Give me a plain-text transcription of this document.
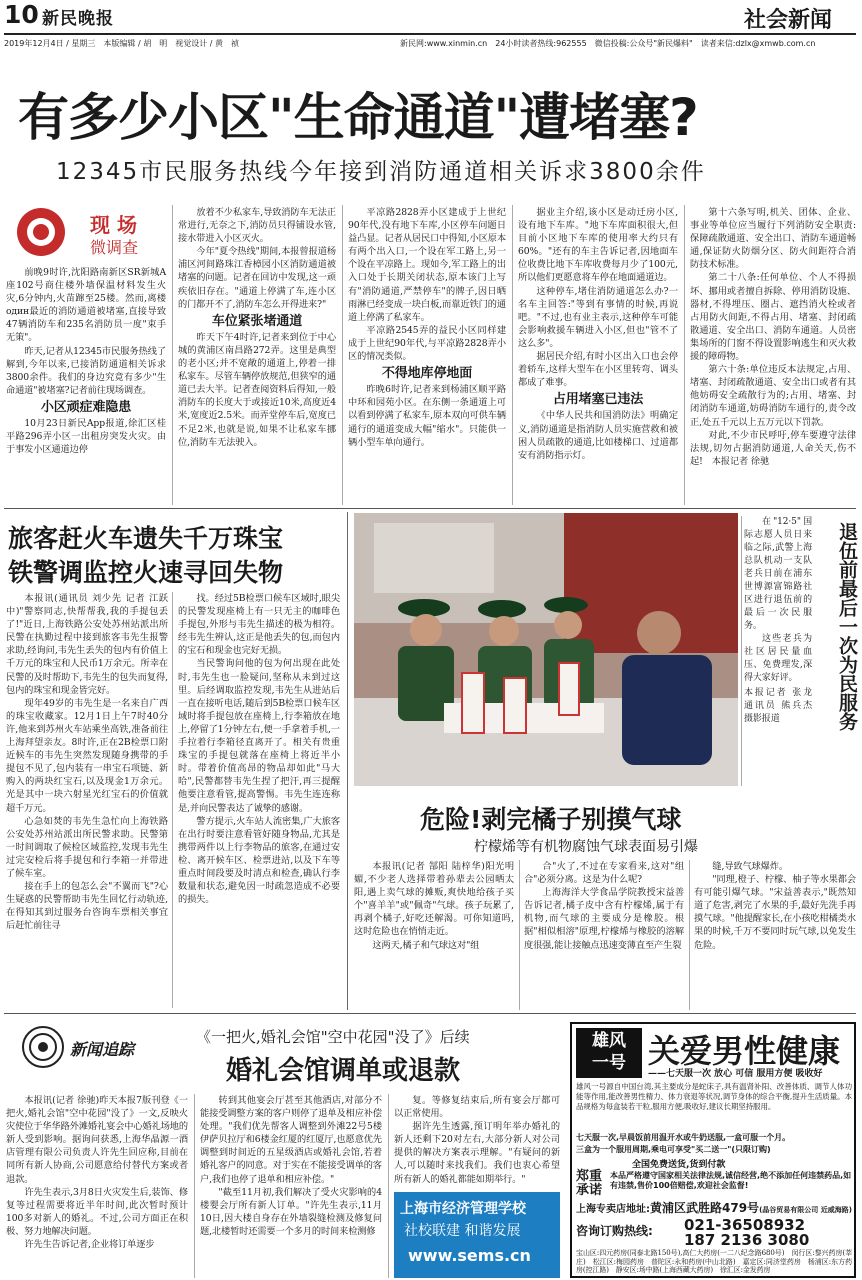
10 新民晚报	社会新闻
2019年12月4日 / 星期三　本版编辑 / 胡　明　视觉设计 / 黄　祯	新民网:www.xinmin.cn　24小时读者热线:962555　微信投稿:公众号"新民爆料"　读者来信:dzlx@xmwb.com.cn
有多少小区"生命通道"遭堵塞?
12345市民服务热线今年接到消防通道相关诉求3800余件
现 场
微调查

前晚9时许,沈阳路南新区SR新城A座102号商住楼外墙保温材料发生火灾,6分钟内,火苗蹿至25楼。然而,离楼один最近的消防通道被堵塞,直接导致47辆消防车和235名消防员一度"束手无策"。

昨天,记者从12345市民服务热线了解到,今年以来,已接消防通道相关诉求3800余件。我们的身边究竟有多少"生命通道"被堵塞?记者前往现场调查。

小区顽症难隐患

10月23日新民App报道,徐汇区桂平路296弄小区一出租房突发火灾。由于事发小区通道边停

放着不少私家车,导致消防车无法正常进行,无奈之下,消防员只得铺设水管,接水带进入小区灭火。

今年"夏令热线"期间,本报曾报道杨浦区河间路珠江香樟园小区消防通道被堵塞的问题。记者在回访中发现,这一顽疾依旧存在。"通道上停满了车,连小区的门都开不了,消防车怎么开得进来?"

车位紧张堵通道

昨天下午4时许,记者来到位于中心城的黄浦区南昌路272弄。这里是典型的老小区;并不宽敞的通道上,停着一排私家车。尽管车辆停放规范,但狭窄的通道已去大半。记者查阅资料后得知,一般消防车的长度大于或接近10米,高度近4米,宽度近2.5米。而弄堂停车后,宽度已不足2米,也就是说,如果不让私家车挪位,消防车无法驶入。

平凉路2828弄小区建成于上世纪90年代,没有地下车库,小区停车问题日益凸显。记者从居民口中得知,小区原本有两个出入口,一个设在军工路上,另一个设在平凉路上。现如今,军工路上的出入口处于长期关闭状态,原本该门上写有"消防通道,严禁停车"的牌子,因日晒雨淋已经变成一块白板,而靠近铁门的通道上停满了私家车。

平凉路2545弄的益民小区同样建成于上世纪90年代,与平凉路2828弄小区的情况类似。

不得地库停地面

昨晚6时许,记者来到杨浦区顺平路中环和园苑小区。在东侧一条通道上可以看到停满了私家车,原本双向可供车辆通行的通道变成大幅"缩水"。只能供一辆小型车单向通行。

据业主介绍,该小区是动迁房小区,设有地下车库。"地下车库面积很大,但目前小区地下车库的使用率大约只有60%。"还有的车主告诉记者,因地面车位收费比地下车库收费每月少了100元,所以他们更愿意将车停在地面通道边。

这种停车,堵住消防通道怎么办?一名车主回答:"等到有事情的时候,再说吧。"不过,也有业主表示,这种停车可能会影响救援车辆进入小区,但也"管不了这么多"。

据居民介绍,有时小区出入口也会停着轿车,这样大型车在小区里转弯、调头都成了难事。

占用堵塞已违法

《中华人民共和国消防法》明确定义,消防通道是指消防人员实施营救和被困人员疏散的通道,比如楼梯口、过道都安有消防指示灯。

第十六条写明,机关、团体、企业、事业等单位应当履行下列消防安全职责:保障疏散通道、安全出口、消防车通道畅通,保证防火防烟分区、防火间距符合消防技术标准。

第二十八条:任何单位、个人不得损坏、挪用或者擅自拆除、停用消防设施、器材,不得埋压、圈占、遮挡消火栓或者占用防火间距,不得占用、堵塞、封闭疏散通道、安全出口、消防车通道。人员密集场所的门窗不得设置影响逃生和灭火救援的障碍物。

第六十条:单位违反本法规定,占用、堵塞、封闭疏散通道、安全出口或者有其他妨碍安全疏散行为的;占用、堵塞、封闭消防车通道,妨碍消防车通行的,责令改正,处五千元以上五万元以下罚款。

对此,不少市民呼吁,停车要遵守法律法规,切勿占据消防通道,人命关天,伤不起!　本报记者 徐驰

旅客赶火车遗失千万珠宝
铁警调监控火速寻回失物

本报讯(通讯员 刘少先 记者 江跃中)"警察同志,快帮帮我,我的手提包丢了!"近日,上海铁路公安处苏州站派出所民警在执勤过程中接到旅客韦先生报警求助,经询问,韦先生丢失的包内有价值上千万元的珠宝和人民币1万余元。所幸在民警的及时帮助下,韦先生的包失而复得,包内的珠宝和现金皆完好。

现年49岁的韦先生是一名来自广西的珠宝收藏家。12月1日上午7时40分许,他来到苏州火车站乘坐高铁,准备前往上海拜望亲友。8时许,正在2B检票口附近候车的韦先生突然发现随身携带的手提包不见了,包内装有一串宝石项链、新购入的两块红宝石,以及现金1万余元。光是其中一块六射星光红宝石的价值就超千万元。

心急如焚的韦先生急忙向上海铁路公安处苏州站派出所民警求助。民警第一时间调取了候检区域监控,发现韦先生过完安检后将手提包和行李箱一并带进了候车室。

接在手上的包怎么会"不翼而飞"?心生疑惑的民警帮助韦先生回忆行动轨迹,在得知其到过服务台咨询车票相关事宜后赶忙前往寻

找。经过5B检票口候车区域时,眼尖的民警发现座椅上有一只无主的咖啡色手提包,外形与韦先生描述的极为相符。经韦先生辨认,这正是他丢失的包,而包内的宝石和现金也完好无损。

当民警询问他的包为何出现在此处时,韦先生也一脸疑问,坚称从未到过这里。后经调取监控发现,韦先生从进站后一直在接听电话,随后到5B检票口候车区域时将手提包放在座椅上,行李箱放在地上,停留了1分钟左右,便一手拿着手机,一手拉着行李箱径直离开了。相关有贵重珠宝的手提包就落在座椅上将近半小时。带着价值高昂的物品却如此"马大哈",民警都替韦先生捏了把汗,再三提醒他要注意看管,提高警惕。韦先生连连称是,并向民警表达了诚挚的感谢。

警方提示,火车站人流密集,广大旅客在出行时要注意看管好随身物品,尤其是携带两件以上行李物品的旅客,在通过安检、离开候车区、检票进站,以及下车等重点时间段要及时清点和检查,确认行李数量和状态,避免因一时疏忽造成不必要的损失。

在"12·5"国际志愿人员日来临之际,武警上海总队机动一支队老兵日前在浦东世博源富锦路社区进行退伍前的最后一次民服务。

这些老兵为社区居民量血压、免费理发,深得大家好评。

本报记者 张龙　通讯员 熊兵杰　摄影报道	退伍前最后一次为民服务
危险!剥完橘子别摸气球
柠檬烯等有机物腐蚀气球表面易引爆

本报讯(记者 郜阳 陆梓华)阳光明媚,不少老人选择带着孙辈去公园晒太阳,遇上卖气球的摊贩,爽快地给孩子买个"喜羊羊"或"佩奇"气球。孩子玩累了,再剥个橘子,好吃还解渴。可你知道吗,这时危险也在悄悄走近。

这两天,橘子和气球这对"组

合"火了,不过在专家看来,这对"组合"必须分离。这是为什么呢?

上海海洋大学食品学院教授宋益善告诉记者,橘子皮中含有柠檬烯,属于有机物,而气球的主要成分是橡胶。根据"相似相溶"原理,柠檬烯与橡胶的溶解度很强,能让接触点迅速变薄直至产生裂

缝,导致气球爆炸。

"同理,橙子、柠檬、柚子等水果都会有可能引爆气球。"宋益善表示,"既然知道了危害,剥完了水果的手,最好先洗手再摸气球。"他提醒家长,在小孩吃柑橘类水果的时候,千万不要同时玩气球,以免发生危险。

新闻追踪
《一把火,婚礼会馆"空中花园"没了》后续
婚礼会馆调单或退款

本报讯(记者 徐驰)昨天本报7版刊登《一把火,婚礼会馆"空中花园"没了》一文,反映火灾使位于华华路外滩婚礼宴会中心婚礼场地的新人受到影响。据询问获悉,上海华晶源一酒店管理有限公司负责人许先生回应称,目前在同所有新人协商,公司愿意给付替代方案或者退款。

许先生表示,3月8日火灾发生后,装饰、修复等过程需要将近半年时间,此次暂时预计100多对新人的婚礼。不过,公司方面正在积极、努力地解决问题。

许先生告诉记者,企业将订单逐步

转到其他宴会厅甚至其他酒店,对部分不能接受调整方案的客户则停了退单及相应补偿处理。"我们优先帮客人调整到外滩22号5楼伊萨贝拉厅和6楼金红厦的红厦厅,也愿意优先调整到时间近的五星级酒店或婚礼会馆,若着婚礼客户的同意。对于实在不能接受调单的客户,我们也停了退单和相应补偿。"

"截至11月初,我们解决了受火灾影响的4楼婴会厅所有新人订单。"许先生表示,11月10日,因大楼自身存在外墙裂缝检测及修复问题,北楼暂时还需要一个多月的时间来检测修

复。等修复结束后,所有宴会厅都可以正常使用。

据许先生透露,预订明年举办婚礼的新人还剩下20对左右,大部分新人对公司提供的解决方案表示理解。"有疑问的新人,可以随时来找我们。我们也衷心希望所有新人的婚礼都能如期举行。"

上海市经济管理学校
社校联建 和谐发展
www.sems.cn
雄风
一号 关爱男性健康
——七天服一次 放心 可信 服用方便 吸收好
雄风一号源自中国台湾,其主要成分是蛇床子,具有温肾补阳、改善体质、调节人体功能等作用,能改善男性精力、体力衰退等状况,调节身体的综合平衡,提升生活质量。本品规格为每盒装若干粒,服用方便,吸收好,建议长期坚持服用。
七天服一次,早晨饭前用温开水或牛奶送服,一盒可服一个月。
三盒为一个服用周期,乘电可享受"买二送一"(只限订购)
全国免费送货,货到付款
郑重承诺
本品严格遵守国家相关法律法规,诚信经营,绝不添加任何违禁药品,如有违禁,售价100倍赔偿,欢迎社会监督!
上海专卖店地址:黄浦区武胜路479号(晶谷贸易有限公司 近威海路)
咨询订购热线:	021-36508932
187 2136 3080
宝山区:四元药房(同泰北路150号),高仁大药房(一二八纪念路680号)　闵行区:黎兴药房(莘庄)　松江区:梅园药房　普陀区:永和药房(中山北路)　嘉定区:同济堂药房　杨浦区:东方药房(控江路)　静安区:场中路(上海西藏大药房)　徐汇区:金发药房
